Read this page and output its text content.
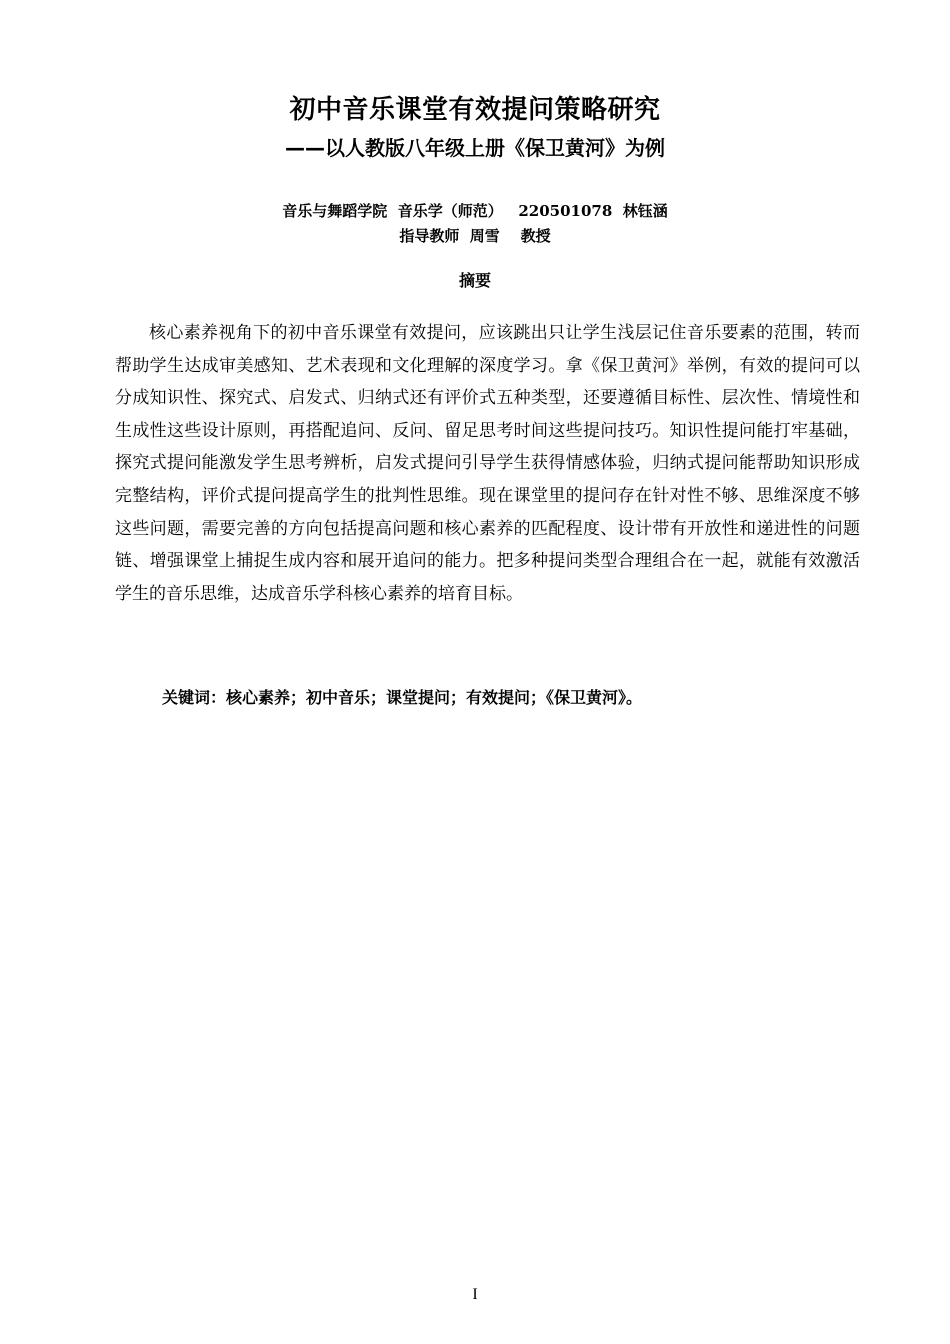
初中音乐课堂有效提问策略研究
——以人教版八年级上册《保卫黄河》为例
音乐与舞蹈学院  音乐学（师范）   220501078  林钰涵
指导教师  周雪    教授
摘要

核心素养视角下的初中音乐课堂有效提问，应该跳出只让学生浅层记住音乐要素的范围，转而帮助学生达成审美感知、艺术表现和文化理解的深度学习。拿《保卫黄河》举例，有效的提问可以分成知识性、探究式、启发式、归纳式还有评价式五种类型，还要遵循目标性、层次性、情境性和生成性这些设计原则，再搭配追问、反问、留足思考时间这些提问技巧。知识性提问能打牢基础，探究式提问能激发学生思考辨析，启发式提问引导学生获得情感体验，归纳式提问能帮助知识形成完整结构，评价式提问提高学生的批判性思维。现在课堂里的提问存在针对性不够、思维深度不够这些问题，需要完善的方向包括提高问题和核心素养的匹配程度、设计带有开放性和递进性的问题链、增强课堂上捕捉生成内容和展开追问的能力。把多种提问类型合理组合在一起，就能有效激活学生的音乐思维，达成音乐学科核心素养的培育目标。

关键词：核心素养；初中音乐；课堂提问；有效提问；《保卫黄河》。
I
